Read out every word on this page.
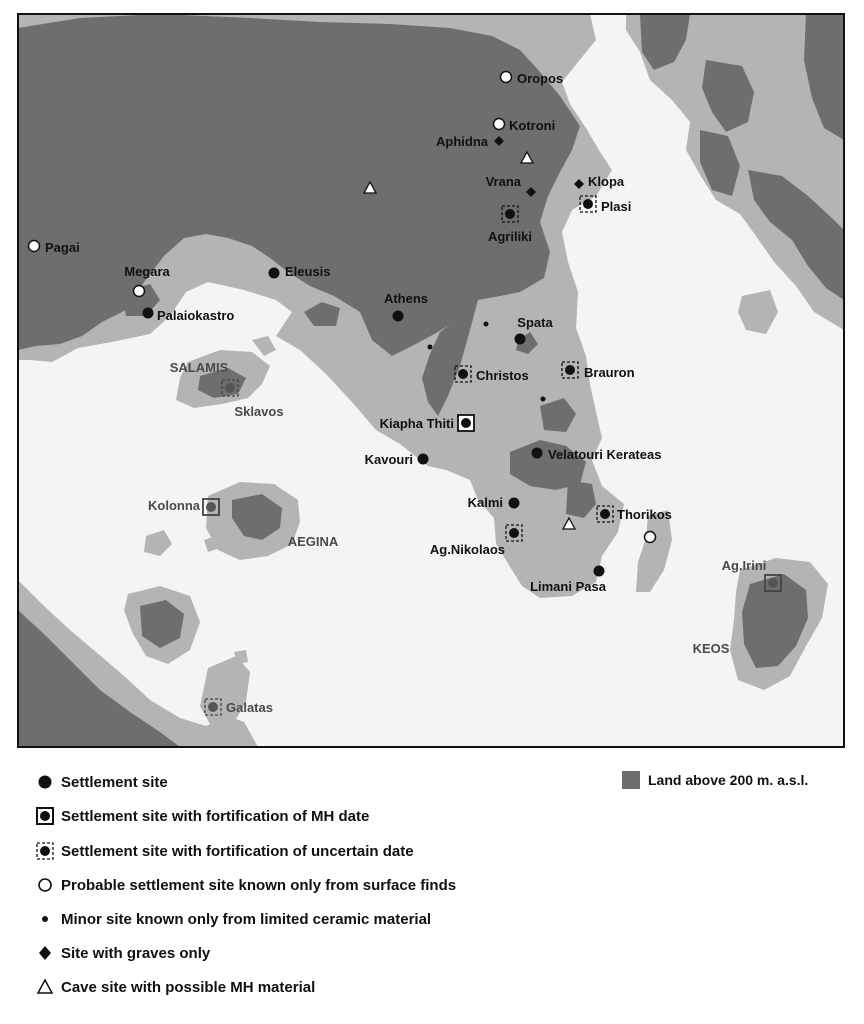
Oropos
Kotroni
Aphidna
Vrana	Klopa
Plasi
Agriliki
Pagai
Megara
Palaiokastro
Eleusis
Athens
Spata
Christos	Brauron
Sklavos
Kiapha Thiti
Kavouri	Velatouri Kerateas
Kolonna	Kalmi
Thorikos
Ag.Nikolaos
Limani Pasa
Ag.Irini
Galatas
SALAMIS
AEGINA
KEOS
Settlement site
Settlement site with fortification of MH date
Settlement site with fortification of uncertain date
Probable settlement site known only from surface finds
Minor site known only from limited ceramic material
Site with graves only
Cave site with possible MH material
Land above 200 m. a.s.l.
